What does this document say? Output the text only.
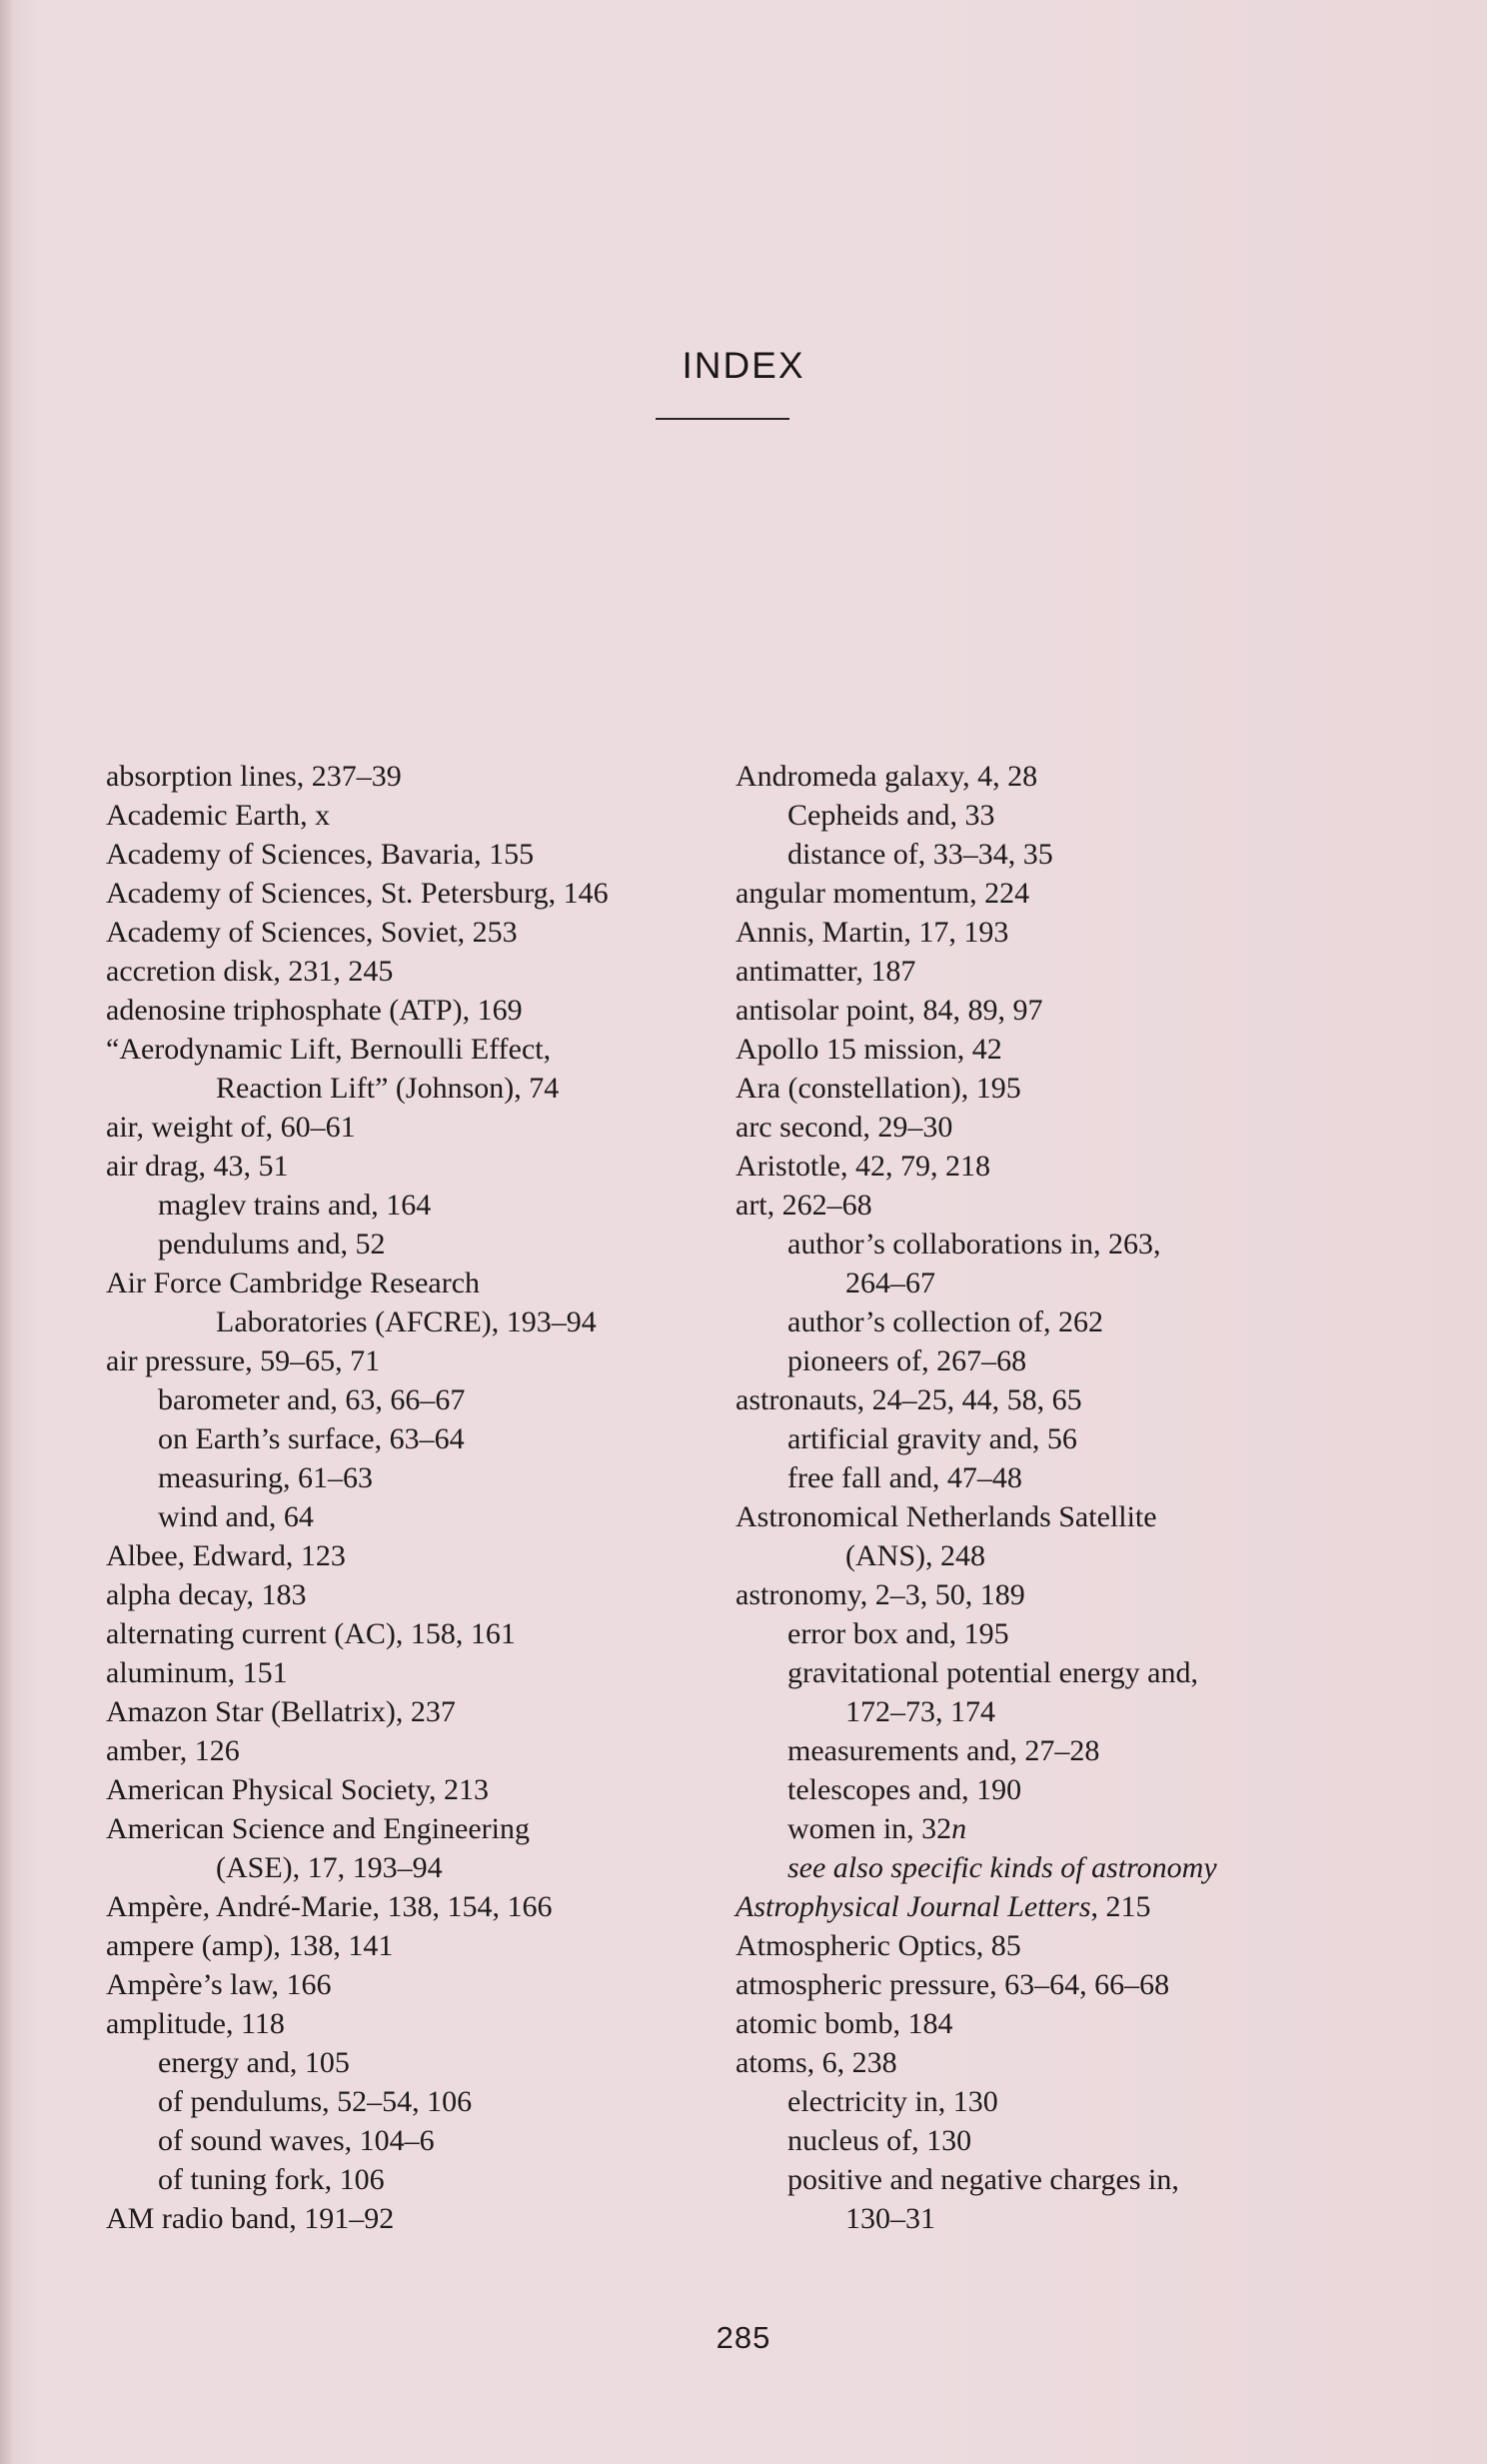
INDEX
absorption lines, 237–39
Academic Earth, x
Academy of Sciences, Bavaria, 155
Academy of Sciences, St. Petersburg, 146
Academy of Sciences, Soviet, 253
accretion disk, 231, 245
adenosine triphosphate (ATP), 169
“Aerodynamic Lift, Bernoulli Effect,
Reaction Lift” (Johnson), 74
air, weight of, 60–61
air drag, 43, 51
maglev trains and, 164
pendulums and, 52
Air Force Cambridge Research
Laboratories (AFCRE), 193–94
air pressure, 59–65, 71
barometer and, 63, 66–67
on Earth’s surface, 63–64
measuring, 61–63
wind and, 64
Albee, Edward, 123
alpha decay, 183
alternating current (AC), 158, 161
aluminum, 151
Amazon Star (Bellatrix), 237
amber, 126
American Physical Society, 213
American Science and Engineering
(ASE), 17, 193–94
Ampère, André-Marie, 138, 154, 166
ampere (amp), 138, 141
Ampère’s law, 166
amplitude, 118
energy and, 105
of pendulums, 52–54, 106
of sound waves, 104–6
of tuning fork, 106
AM radio band, 191–92
Andromeda galaxy, 4, 28
Cepheids and, 33
distance of, 33–34, 35
angular momentum, 224
Annis, Martin, 17, 193
antimatter, 187
antisolar point, 84, 89, 97
Apollo 15 mission, 42
Ara (constellation), 195
arc second, 29–30
Aristotle, 42, 79, 218
art, 262–68
author’s collaborations in, 263,
264–67
author’s collection of, 262
pioneers of, 267–68
astronauts, 24–25, 44, 58, 65
artificial gravity and, 56
free fall and, 47–48
Astronomical Netherlands Satellite
(ANS), 248
astronomy, 2–3, 50, 189
error box and, 195
gravitational potential energy and,
172–73, 174
measurements and, 27–28
telescopes and, 190
women in, 32n
see also specific kinds of astronomy
Astrophysical Journal Letters, 215
Atmospheric Optics, 85
atmospheric pressure, 63–64, 66–68
atomic bomb, 184
atoms, 6, 238
electricity in, 130
nucleus of, 130
positive and negative charges in,
130–31
285
